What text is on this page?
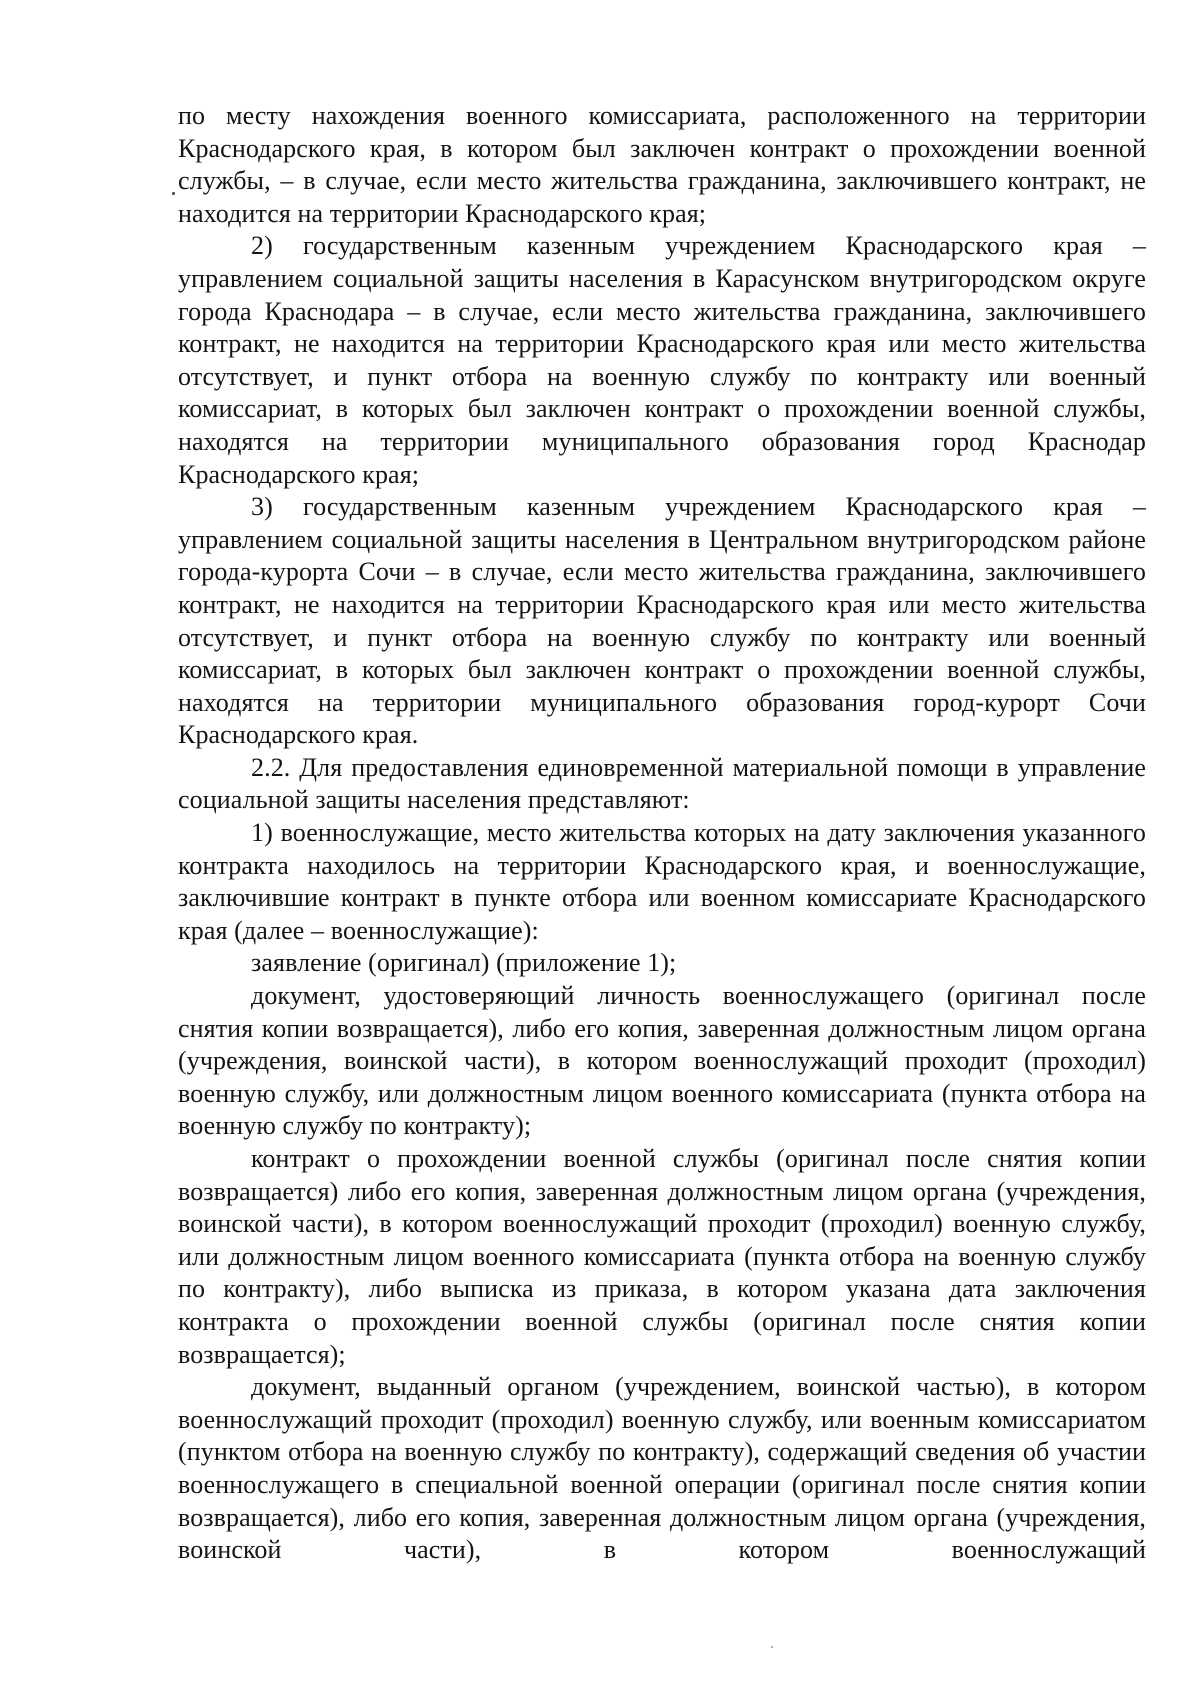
по месту нахождения военного комиссариата, расположенного на территории Краснодарского края, в котором был заключен контракт о прохождении военной службы, – в случае, если место жительства гражданина, заключившего контракт, не находится на территории Краснодарского края;

2) государственным казенным учреждением Краснодарского края – управлением социальной защиты населения в Карасунском внутригородском округе города Краснодара – в случае, если место жительства гражданина, заключившего контракт, не находится на территории Краснодарского края или место жительства отсутствует, и пункт отбора на военную службу по контракту или военный комиссариат, в которых был заключен контракт о прохождении военной службы, находятся на территории муниципального образования город Краснодар Краснодарского края;

3) государственным казенным учреждением Краснодарского края – управлением социальной защиты населения в Центральном внутригородском районе города-курорта Сочи – в случае, если место жительства гражданина, заключившего контракт, не находится на территории Краснодарского края или место жительства отсутствует, и пункт отбора на военную службу по контракту или военный комиссариат, в которых был заключен контракт о прохождении военной службы, находятся на территории муниципального образования город-курорт Сочи Краснодарского края.

2.2. Для предоставления единовременной материальной помощи в управление социальной защиты населения представляют:

1) военнослужащие, место жительства которых на дату заключения указанного контракта находилось на территории Краснодарского края, и военнослужащие, заключившие контракт в пункте отбора или военном комиссариате Краснодарского края (далее – военнослужащие):

заявление (оригинал) (приложение 1);

документ, удостоверяющий личность военнослужащего (оригинал после снятия копии возвращается), либо его копия, заверенная должностным лицом органа (учреждения, воинской части), в котором военнослужащий проходит (проходил) военную службу, или должностным лицом военного комиссариата (пункта отбора на военную службу по контракту);

контракт о прохождении военной службы (оригинал после снятия копии возвращается) либо его копия, заверенная должностным лицом органа (учреждения, воинской части), в котором военнослужащий проходит (проходил) военную службу, или должностным лицом военного комиссариата (пункта отбора на военную службу по контракту), либо выписка из приказа, в котором указана дата заключения контракта о прохождении военной службы (оригинал после снятия копии возвращается);

документ, выданный органом (учреждением, воинской частью), в котором военнослужащий проходит (проходил) военную службу, или военным комиссариатом (пунктом отбора на военную службу по контракту), содержащий сведения об участии военнослужащего в специальной военной операции (оригинал после снятия копии возвращается), либо его копия, заверенная должностным лицом органа (учреждения, воинской части), в котором военнослужащий
